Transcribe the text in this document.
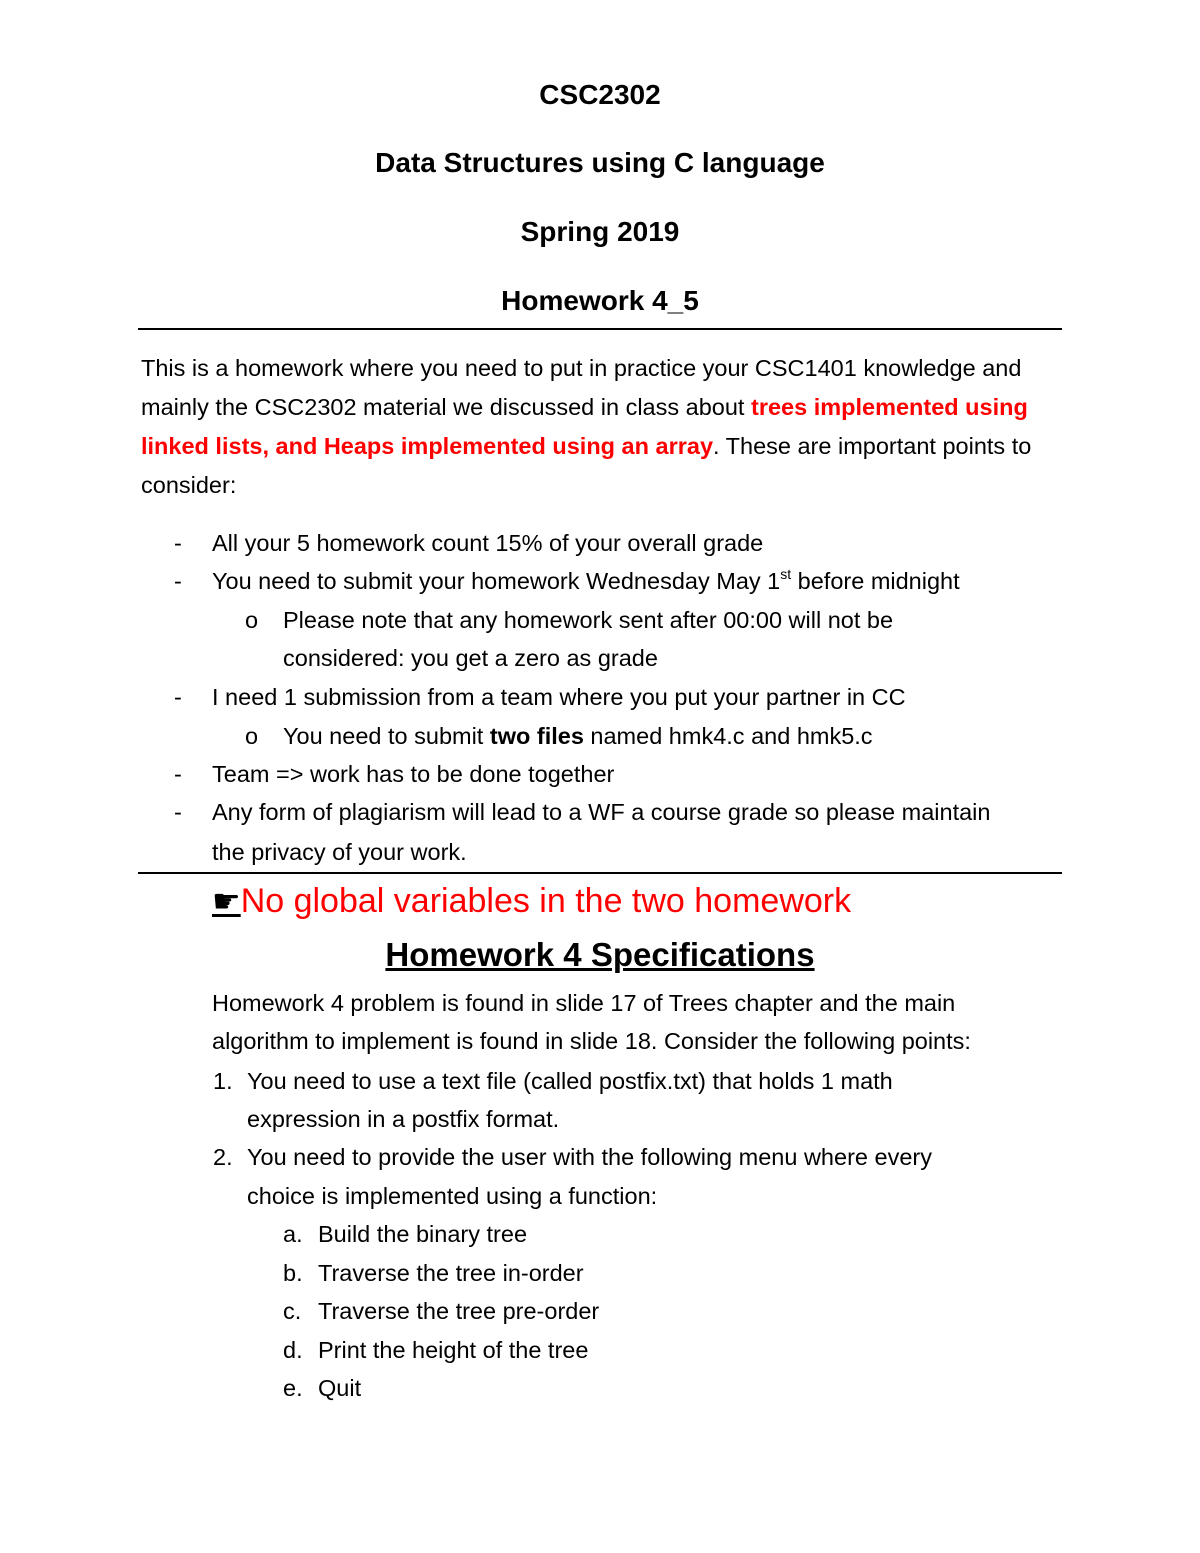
CSC2302
Data Structures using C language
Spring 2019
Homework 4_5
This is a homework where you need to put in practice your CSC1401 knowledge and mainly the CSC2302 material we discussed in class about trees implemented using linked lists, and Heaps implemented using an array. These are important points to consider:
- All your 5 homework count 15% of your overall grade
- You need to submit your homework Wednesday May 1st before midnight
o Please note that any homework sent after 00:00 will not be
considered: you get a zero as grade
- I need 1 submission from a team where you put your partner in CC
o You need to submit two files named hmk4.c and hmk5.c
- Team => work has to be done together
- Any form of plagiarism will lead to a WF a course grade so please maintain
the privacy of your work.
☛No global variables in the two homework
Homework 4 Specifications
Homework 4 problem is found in slide 17 of Trees chapter and the main
algorithm to implement is found in slide 18. Consider the following points:
1. You need to use a text file (called postfix.txt) that holds 1 math
expression in a postfix format.
2. You need to provide the user with the following menu where every
choice is implemented using a function:
a. Build the binary tree
b. Traverse the tree in-order
c. Traverse the tree pre-order
d. Print the height of the tree
e. Quit
